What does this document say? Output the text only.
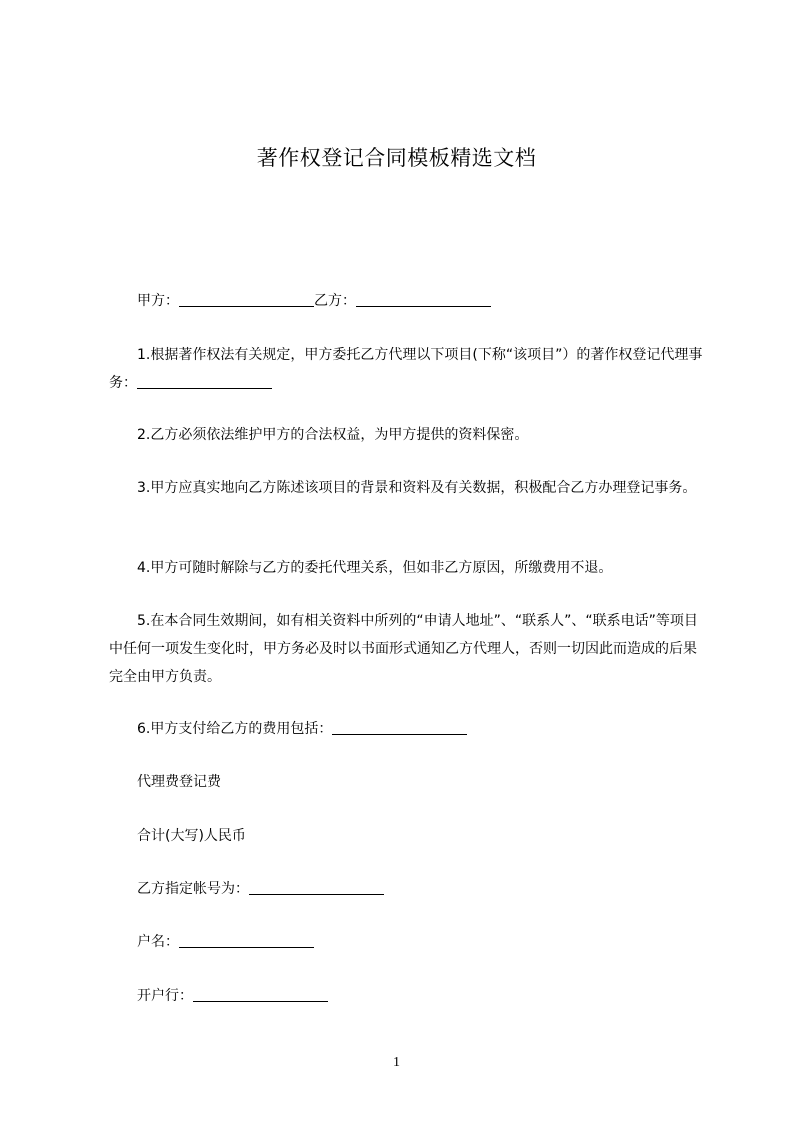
著作权登记合同模板精选文档

甲方：	乙方：

1.根据著作权法有关规定，甲方委托乙方代理以下项目(下称“该项目”）的著作权登记代理事务：

2.乙方必须依法维护甲方的合法权益，为甲方提供的资料保密。

3.甲方应真实地向乙方陈述该项目的背景和资料及有关数据，积极配合乙方办理登记事务。

4.甲方可随时解除与乙方的委托代理关系，但如非乙方原因，所缴费用不退。

5.在本合同生效期间，如有相关资料中所列的“申请人地址”、“联系人”、“联系电话”等项目中任何一项发生变化时，甲方务必及时以书面形式通知乙方代理人，否则一切因此而造成的后果完全由甲方负责。

6.甲方支付给乙方的费用包括：

代理费登记费

合计(大写)人民币

乙方指定帐号为：

户名：

开户行：

1
